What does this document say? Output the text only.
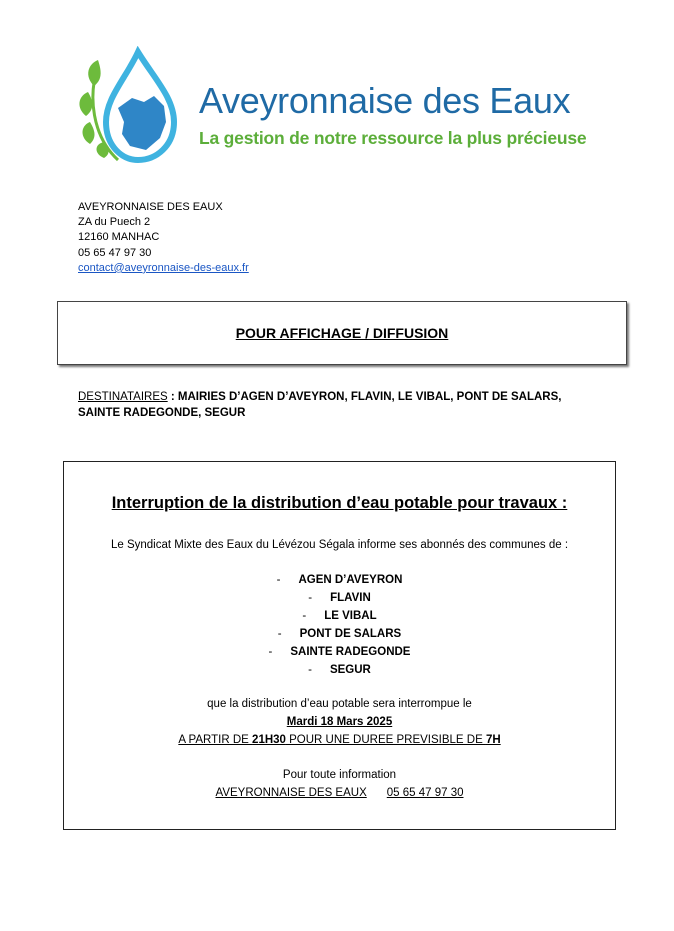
Aveyronnaise des Eaux
La gestion de notre ressource la plus précieuse
AVEYRONNAISE DES EAUX
ZA du Puech 2
12160 MANHAC
05 65 47 97 30
contact@aveyronnaise-des-eaux.fr
POUR AFFICHAGE / DIFFUSION
DESTINATAIRES : MAIRIES D’AGEN D’AVEYRON, FLAVIN, LE VIBAL, PONT DE SALARS, SAINTE RADEGONDE, SEGUR
Interruption de la distribution d’eau potable pour travaux :
Le Syndicat Mixte des Eaux du Lévézou Ségala informe ses abonnés des communes de :
- AGEN D’AVEYRON
- FLAVIN
- LE VIBAL
- PONT DE SALARS
- SAINTE RADEGONDE
- SEGUR
que la distribution d’eau potable sera interrompue le
Mardi 18 Mars 2025
A PARTIR DE 21H30 POUR UNE DUREE PREVISIBLE DE 7H
Pour toute information
AVEYRONNAISE DES EAUX 05 65 47 97 30
